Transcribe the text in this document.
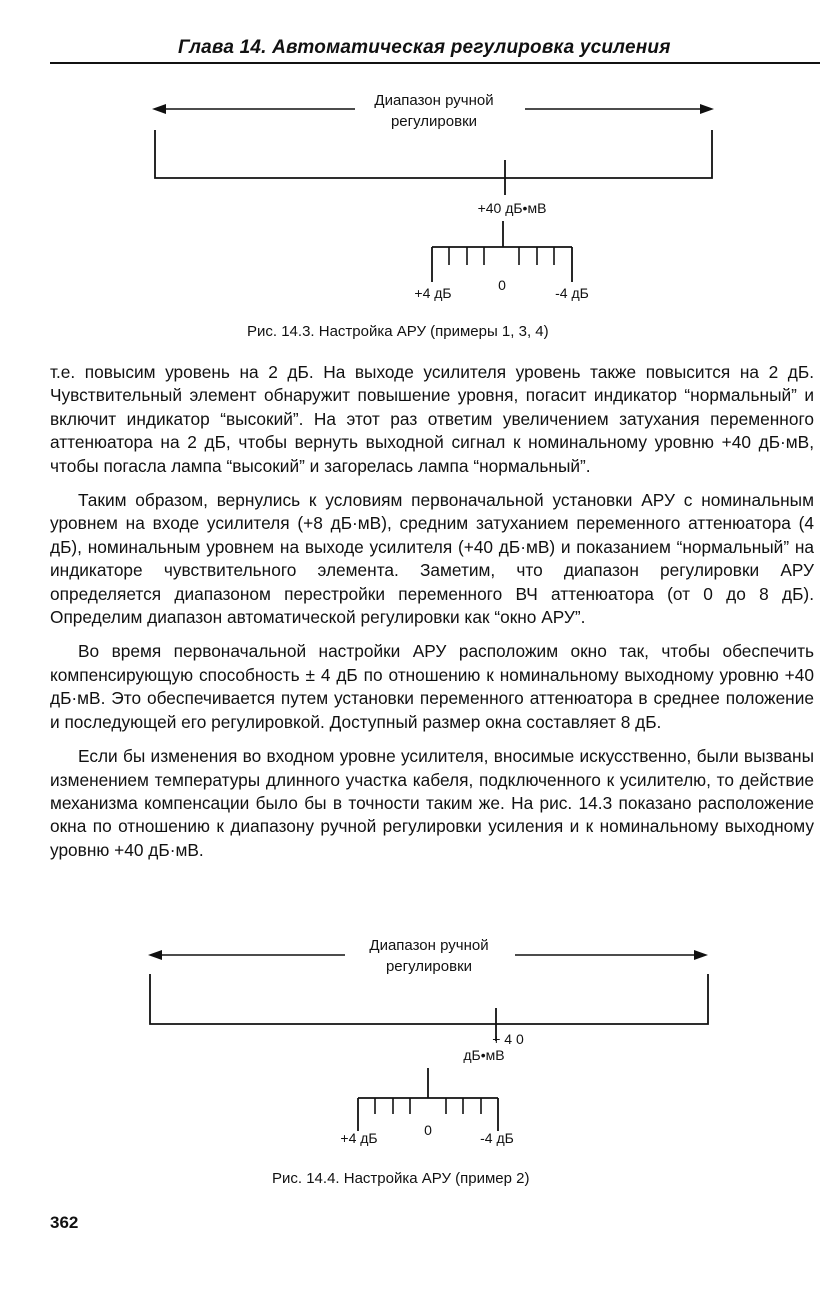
Глава 14. Автоматическая регулировка усиления
Диапазон ручной
регулировки
+40 дБ•мВ
+4 дБ	0	-4 дБ
Рис. 14.3. Настройка АРУ (примеры 1, 3, 4)

т.е. повысим уровень на 2 дБ. На выходе усилителя уровень также повысится на 2 дБ. Чувствительный элемент обнаружит повышение уровня, погасит индикатор “нормальный” и включит индикатор “высокий”. На этот раз ответим увеличением затухания переменного аттенюатора на 2 дБ, чтобы вернуть выходной сигнал к номинальному уровню +40 дБ·мВ, чтобы погасла лампа “высокий” и загорелась лампа “нормальный”.

Таким образом, вернулись к условиям первоначальной установки АРУ с номинальным уровнем на входе усилителя (+8 дБ·мВ), средним затуханием переменного аттенюатора (4 дБ), номинальным уровнем на выходе усилителя (+40 дБ·мВ) и показанием “нормальный” на индикаторе чувствительного элемента. Заметим, что диапазон регулировки АРУ определяется диапазоном перестройки переменного ВЧ аттенюатора (от 0 до 8 дБ). Определим диапазон автоматической регулировки как “окно АРУ”.

Во время первоначальной настройки АРУ расположим окно так, чтобы обеспечить компенсирующую способность ± 4 дБ по отношению к номинальному выходному уровню +40 дБ·мВ. Это обеспечивается путем установки переменного аттенюатора в среднее положение и последующей его регулировкой. Доступный размер окна составляет 8 дБ.

Если бы изменения во входном уровне усилителя, вносимые искусственно, были вызваны изменением температуры длинного участка кабеля, подключенного к усилителю, то действие механизма компенсации было бы в точности таким же. На рис. 14.3 показано расположение окна по отношению к диапазону ручной регулировки усиления и к номинальному выходному уровню +40 дБ·мВ.

Диапазон ручной
регулировки
+ 4 0
дБ•мВ
+4 дБ	0	-4 дБ
Рис. 14.4. Настройка АРУ (пример 2)
362
